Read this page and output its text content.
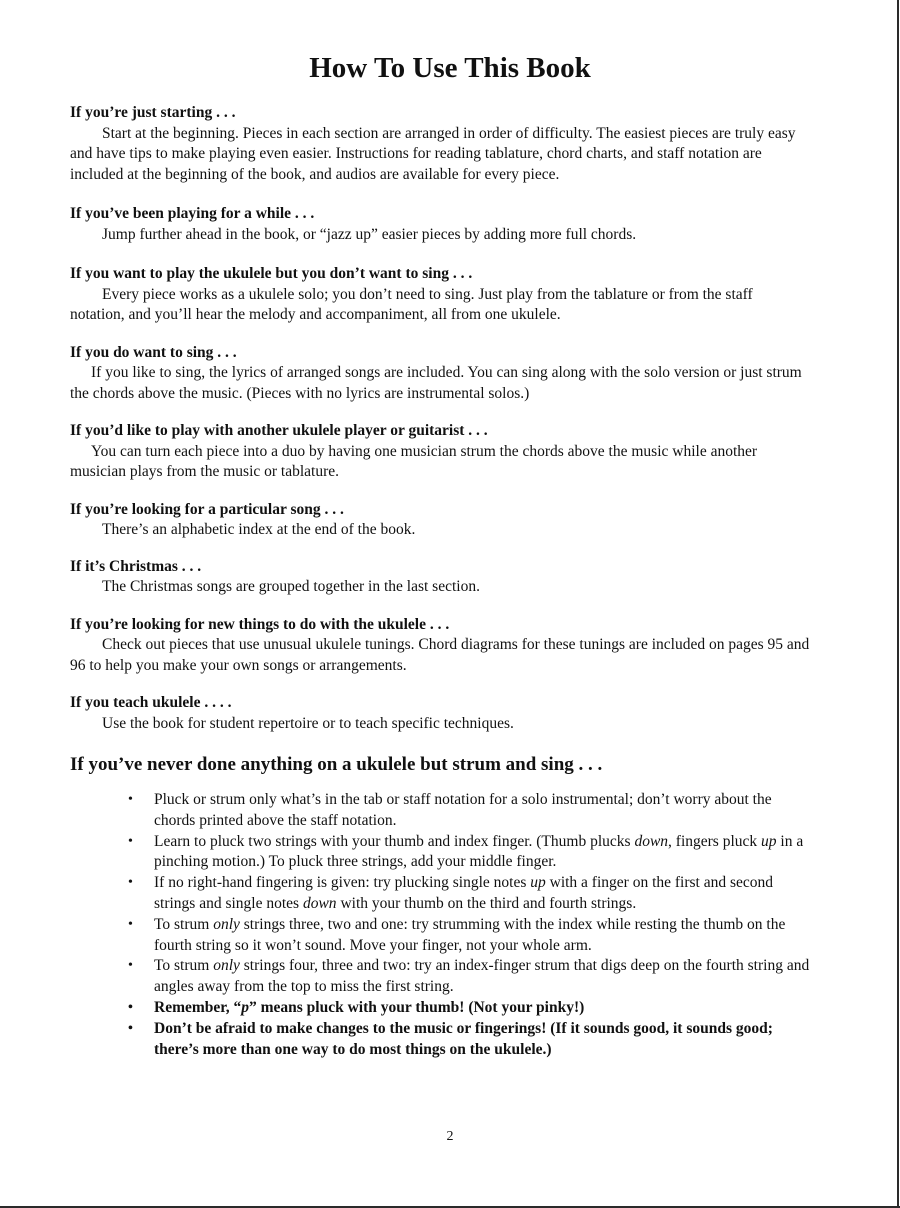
How To Use This Book
If you’re just starting . . .

Start at the beginning. Pieces in each section are arranged in order of difficulty. The easiest pieces are truly easy and have tips to make playing even easier. Instructions for reading tablature, chord charts, and staff notation are included at the beginning of the book, and audios are available for every piece.

If you’ve been playing for a while . . .

Jump further ahead in the book, or “jazz up” easier pieces by adding more full chords.

If you want to play the ukulele but you don’t want to sing . . .

Every piece works as a ukulele solo; you don’t need to sing. Just play from the tablature or from the staff notation, and you’ll hear the melody and accompaniment, all from one ukulele.

If you do want to sing . . .

If you like to sing, the lyrics of arranged songs are included. You can sing along with the solo version or just strum the chords above the music. (Pieces with no lyrics are instrumental solos.)

If you’d like to play with another ukulele player or guitarist . . .

You can turn each piece into a duo by having one musician strum the chords above the music while another musician plays from the music or tablature.

If you’re looking for a particular song . . .

There’s an alphabetic index at the end of the book.

If it’s Christmas . . .

The Christmas songs are grouped together in the last section.

If you’re looking for new things to do with the ukulele . . .

Check out pieces that use unusual ukulele tunings. Chord diagrams for these tunings are included on pages 95 and 96 to help you make your own songs or arrangements.

If you teach ukulele . . . .

Use the book for student repertoire or to teach specific techniques.

If you’ve never done anything on a ukulele but strum and sing . . .
• Pluck or strum only what’s in the tab or staff notation for a solo instrumental; don’t worry about the chords printed above the staff notation.
• Learn to pluck two strings with your thumb and index finger. (Thumb plucks down, fingers pluck up in a pinching motion.) To pluck three strings, add your middle finger.
• If no right-hand fingering is given: try plucking single notes up with a finger on the first and second strings and single notes down with your thumb on the third and fourth strings.
• To strum only strings three, two and one: try strumming with the index while resting the thumb on the fourth string so it won’t sound. Move your finger, not your whole arm.
• To strum only strings four, three and two: try an index-finger strum that digs deep on the fourth string and angles away from the top to miss the first string.
• Remember, “p” means pluck with your thumb! (Not your pinky!)
• Don’t be afraid to make changes to the music or fingerings! (If it sounds good, it sounds good; there’s more than one way to do most things on the ukulele.)
2
